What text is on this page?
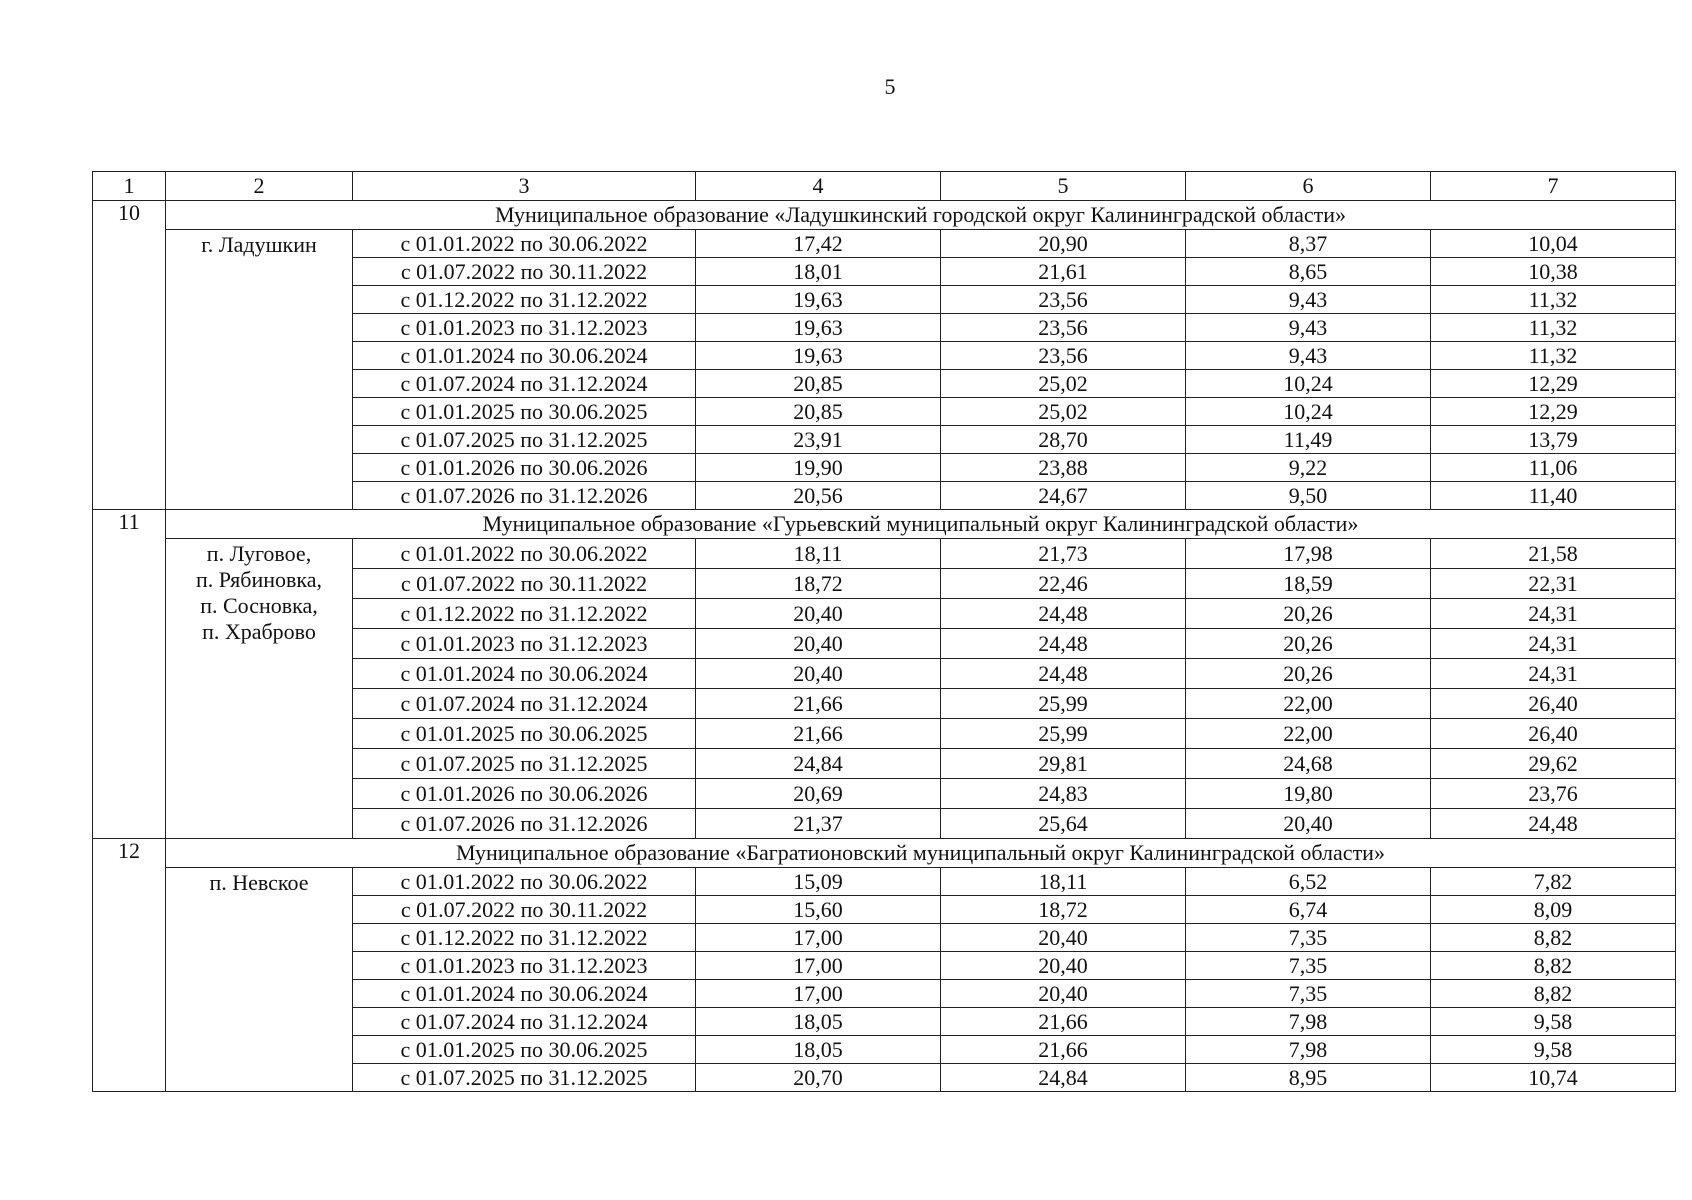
5
1	2	3	4	5	6	7
10	Муниципальное образование «Ладушкинский городской округ Калининградской области»					

	г. Ладушкин	с 01.01.2022 по 30.06.2022	17,42	20,90	8,37	10,04
		с 01.07.2022 по 30.11.2022	18,01	21,61	8,65	10,38
		с 01.12.2022 по 31.12.2022	19,63	23,56	9,43	11,32
		с 01.01.2023 по 31.12.2023	19,63	23,56	9,43	11,32
		с 01.01.2024 по 30.06.2024	19,63	23,56	9,43	11,32
		с 01.07.2024 по 31.12.2024	20,85	25,02	10,24	12,29
		с 01.01.2025 по 30.06.2025	20,85	25,02	10,24	12,29
		с 01.07.2025 по 31.12.2025	23,91	28,70	11,49	13,79
		с 01.01.2026 по 30.06.2026	19,90	23,88	9,22	11,06
		с 01.07.2026 по 31.12.2026	20,56	24,67	9,50	11,40
11	Муниципальное образование «Гурьевский муниципальный округ Калининградской области»					

	п. Луговое,
п. Рябиновка,
п. Сосновка,
п. Храброво	с 01.01.2022 по 30.06.2022	18,11	21,73	17,98	21,58
		с 01.07.2022 по 30.11.2022	18,72	22,46	18,59	22,31
		с 01.12.2022 по 31.12.2022	20,40	24,48	20,26	24,31
		с 01.01.2023 по 31.12.2023	20,40	24,48	20,26	24,31
		с 01.01.2024 по 30.06.2024	20,40	24,48	20,26	24,31
		с 01.07.2024 по 31.12.2024	21,66	25,99	22,00	26,40
		с 01.01.2025 по 30.06.2025	21,66	25,99	22,00	26,40
		с 01.07.2025 по 31.12.2025	24,84	29,81	24,68	29,62
		с 01.01.2026 по 30.06.2026	20,69	24,83	19,80	23,76
		с 01.07.2026 по 31.12.2026	21,37	25,64	20,40	24,48
12	Муниципальное образование «Багратионовский муниципальный округ Калининградской области»					

	п. Невское	с 01.01.2022 по 30.06.2022	15,09	18,11	6,52	7,82
		с 01.07.2022 по 30.11.2022	15,60	18,72	6,74	8,09
		с 01.12.2022 по 31.12.2022	17,00	20,40	7,35	8,82
		с 01.01.2023 по 31.12.2023	17,00	20,40	7,35	8,82
		с 01.01.2024 по 30.06.2024	17,00	20,40	7,35	8,82
		с 01.07.2024 по 31.12.2024	18,05	21,66	7,98	9,58
		с 01.01.2025 по 30.06.2025	18,05	21,66	7,98	9,58
		с 01.07.2025 по 31.12.2025	20,70	24,84	8,95	10,74
